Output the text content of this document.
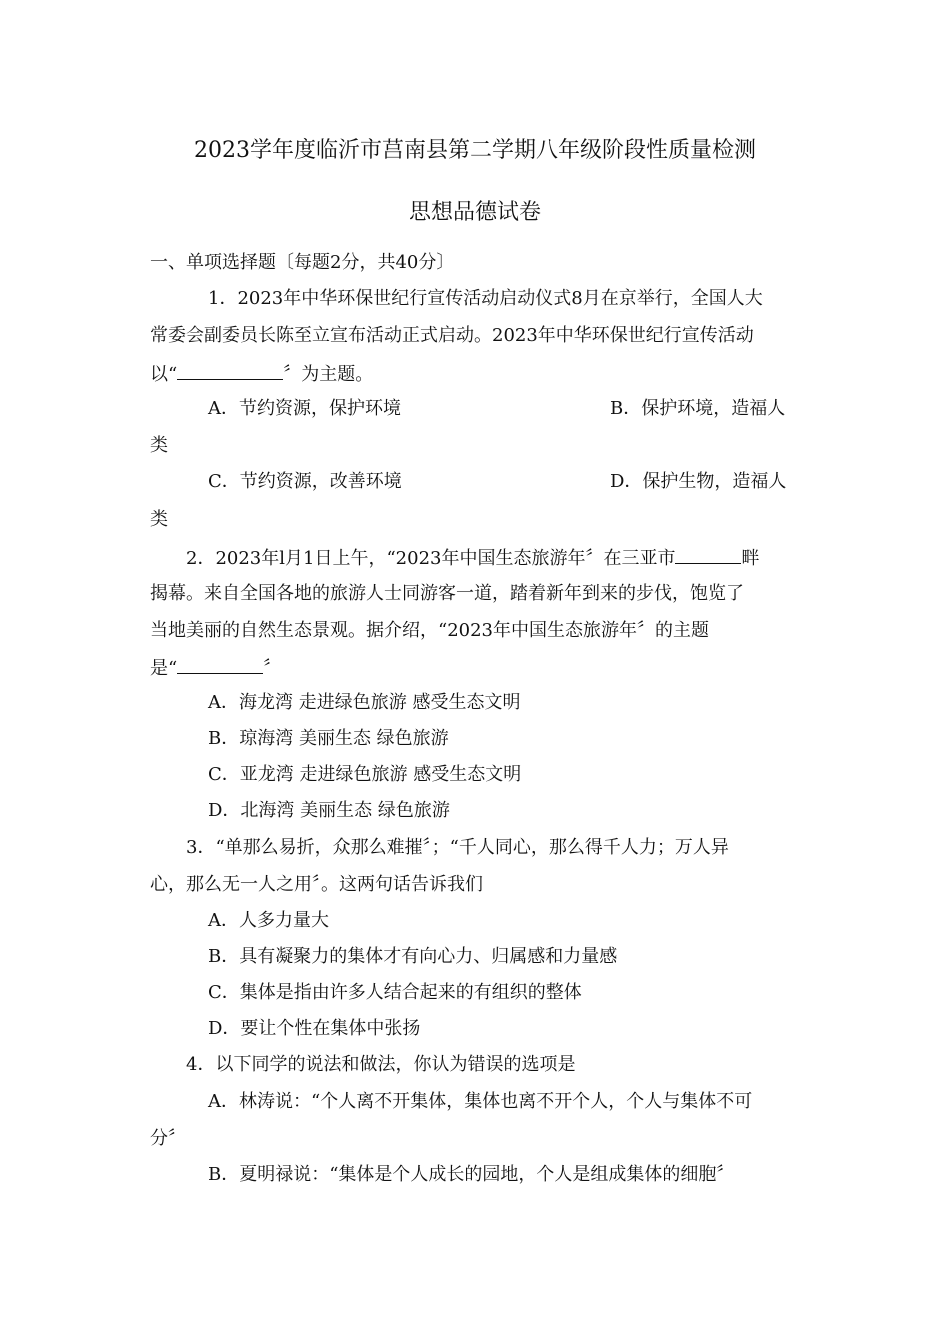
2023学年度临沂市莒南县第二学期八年级阶段性质量检测
思想品德试卷
一、单项选择题〔每题2分，共40分〕
1．2023年中华环保世纪行宣传活动启动仪式8月在京举行，全国人大
常委会副委员长陈至立宣布活动正式启动。2023年中华环保世纪行宣传活动
以“	〞为主题。
A．节约资源，保护环境	B．保护环境，造福人
类
C．节约资源，改善环境	D．保护生物，造福人
类
2．2023年l月1日上午，“2023年中国生态旅游年〞在三亚市	畔
揭幕。来自全国各地的旅游人士同游客一道，踏着新年到来的步伐，饱览了
当地美丽的自然生态景观。据介绍，“2023年中国生态旅游年〞的主题
是“	〞
A．海龙湾 走进绿色旅游 感受生态文明
B．琼海湾 美丽生态 绿色旅游
C．亚龙湾 走进绿色旅游 感受生态文明
D．北海湾 美丽生态 绿色旅游
3．“单那么易折，众那么难摧〞；“千人同心，那么得千人力；万人异
心，那么无一人之用〞。这两句话告诉我们
A．人多力量大
B．具有凝聚力的集体才有向心力、归属感和力量感
C．集体是指由许多人结合起来的有组织的整体
D．要让个性在集体中张扬
4．以下同学的说法和做法，你认为错误的选项是
A．林涛说：“个人离不开集体，集体也离不开个人，个人与集体不可
分〞
B．夏明禄说：“集体是个人成长的园地，个人是组成集体的细胞〞
